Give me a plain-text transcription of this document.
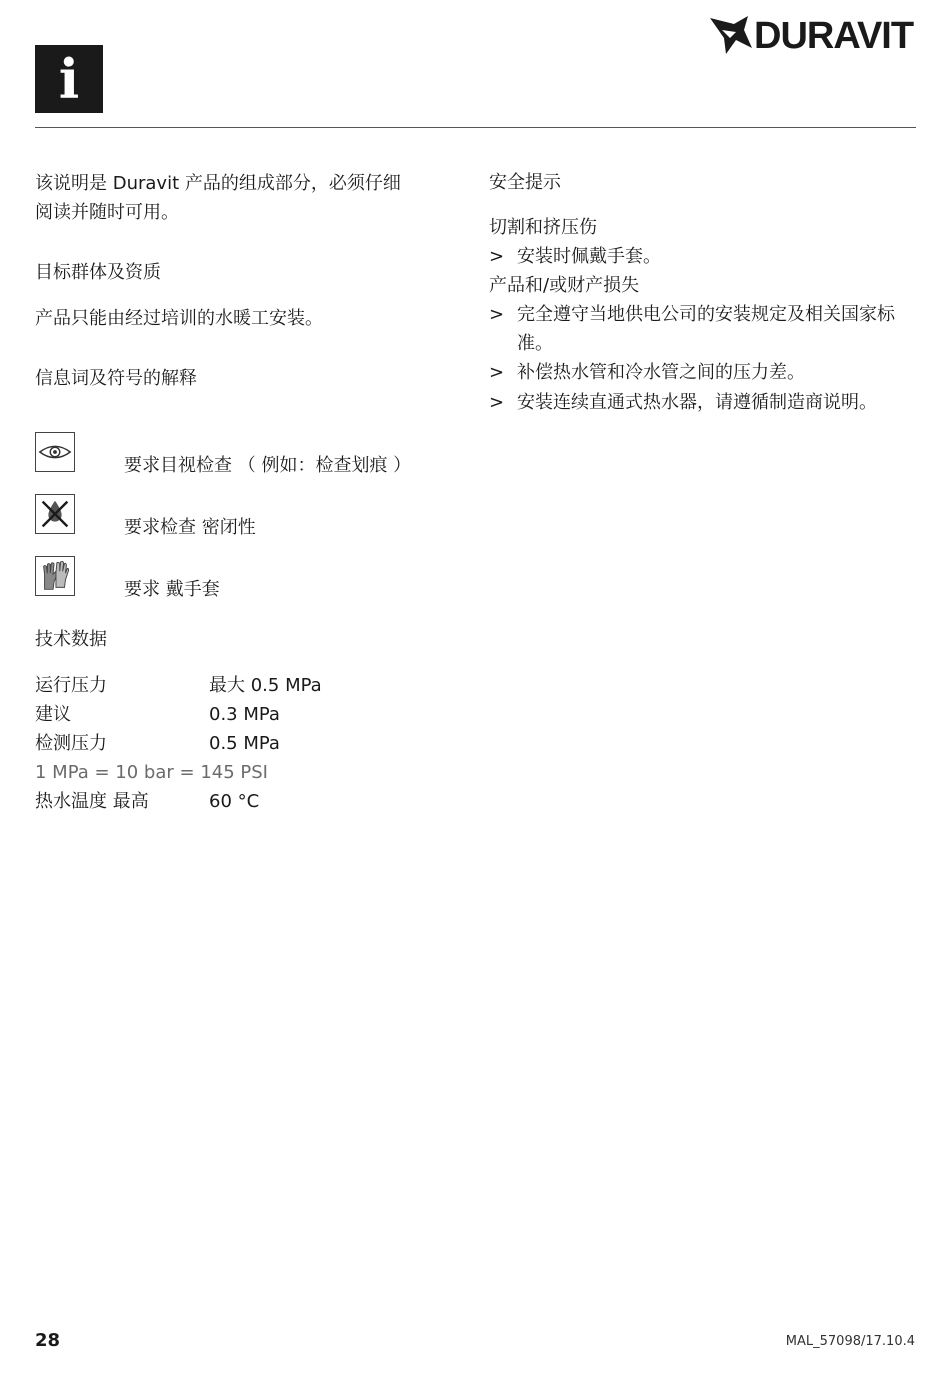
i
DURAVIT
该说明是 Duravit 产品的组成部分，必须仔细
阅读并随时可用。
目标群体及资质
产品只能由经过培训的水暖工安装。
信息词及符号的解释
要求目视检查 （ 例如：检查划痕 ）
要求检查 密闭性
要求 戴手套
技术数据
运行压力	最大 0.5 MPa
建议	0.3 MPa
检测压力	0.5 MPa
1 MPa = 10 bar = 145 PSI
热水温度 最高	60 °C
安全提示
切割和挤压伤
> 安装时佩戴手套。
产品和/或财产损失
> 完全遵守当地供电公司的安装规定及相关国家标准。
> 补偿热水管和冷水管之间的压力差。
> 安装连续直通式热水器，请遵循制造商说明。
28	MAL_57098/17.10.4
